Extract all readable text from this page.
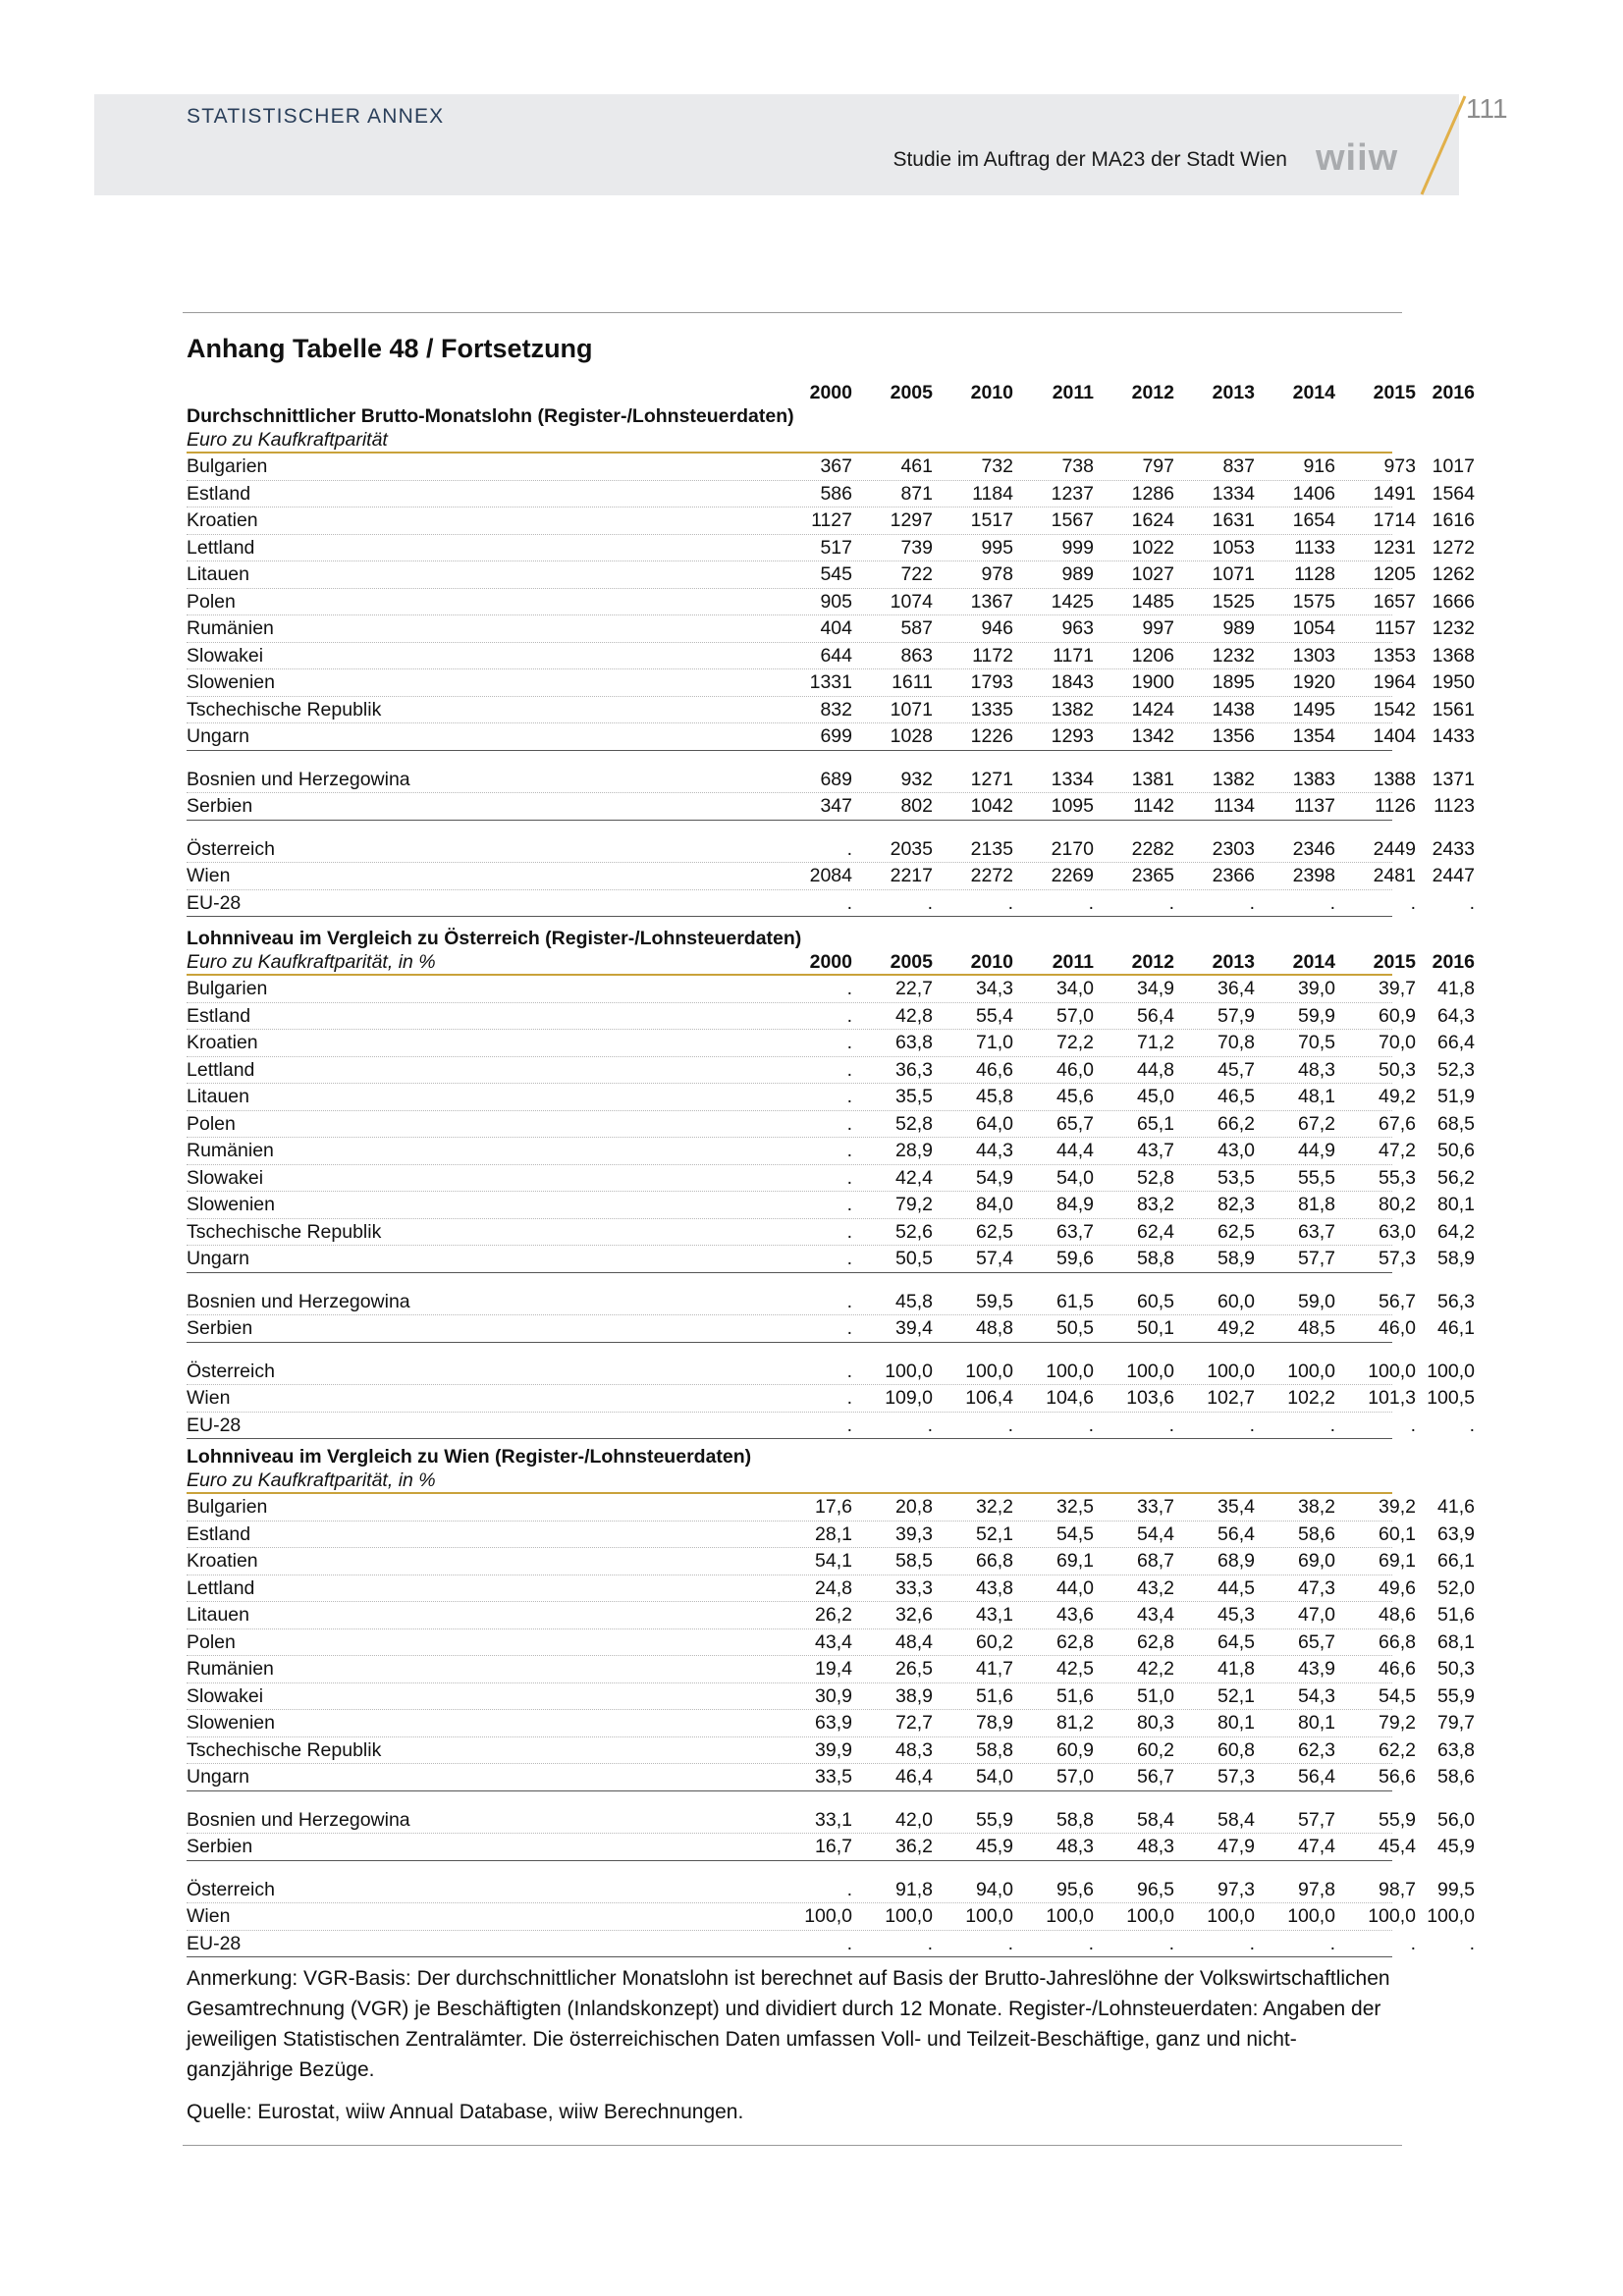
STATISTISCHER ANNEX
Studie im Auftrag der MA23 der Stadt Wien wiiw
111
Anhang Tabelle 48 / Fortsetzung
2000	2005	2010	2011	2012	2013	2014	2015 2016
Durchschnittlicher Brutto-Monatslohn (Register-/Lohnsteuerdaten)
Euro zu Kaufkraftparität
Bulgarien	367	461	732	738	797	837	916	973 1017
Estland	586	871	1184	1237	1286	1334	1406	1491 1564
Kroatien	1127	1297	1517	1567	1624	1631	1654	1714 1616
Lettland	517	739	995	999	1022	1053	1133	1231 1272
Litauen	545	722	978	989	1027	1071	1128	1205 1262
Polen	905	1074	1367	1425	1485	1525	1575	1657 1666
Rumänien	404	587	946	963	997	989	1054	1157 1232
Slowakei	644	863	1172	1171	1206	1232	1303	1353 1368
Slowenien	1331	1611	1793	1843	1900	1895	1920	1964 1950
Tschechische Republik	832	1071	1335	1382	1424	1438	1495	1542 1561
Ungarn	699	1028	1226	1293	1342	1356	1354	1404 1433
Bosnien und Herzegowina	689	932	1271	1334	1381	1382	1383	1388 1371
Serbien	347	802	1042	1095	1142	1134	1137	1126 1123
Österreich	.	2035	2135	2170	2282	2303	2346	2449 2433
Wien	2084	2217	2272	2269	2365	2366	2398	2481 2447
EU-28	.	.	.	.	.	.	.	.	.
Lohnniveau im Vergleich zu Österreich (Register-/Lohnsteuerdaten)
Euro zu Kaufkraftparität, in %	2000	2005	2010	2011	2012	2013	2014	2015 2016
Bulgarien	.	22,7	34,3	34,0	34,9	36,4	39,0	39,7	41,8
Estland	.	42,8	55,4	57,0	56,4	57,9	59,9	60,9	64,3
Kroatien	.	63,8	71,0	72,2	71,2	70,8	70,5	70,0	66,4
Lettland	.	36,3	46,6	46,0	44,8	45,7	48,3	50,3	52,3
Litauen	.	35,5	45,8	45,6	45,0	46,5	48,1	49,2	51,9
Polen	.	52,8	64,0	65,7	65,1	66,2	67,2	67,6	68,5
Rumänien	.	28,9	44,3	44,4	43,7	43,0	44,9	47,2	50,6
Slowakei	.	42,4	54,9	54,0	52,8	53,5	55,5	55,3	56,2
Slowenien	.	79,2	84,0	84,9	83,2	82,3	81,8	80,2	80,1
Tschechische Republik	.	52,6	62,5	63,7	62,4	62,5	63,7	63,0	64,2
Ungarn	.	50,5	57,4	59,6	58,8	58,9	57,7	57,3	58,9
Bosnien und Herzegowina	.	45,8	59,5	61,5	60,5	60,0	59,0	56,7	56,3
Serbien	.	39,4	48,8	50,5	50,1	49,2	48,5	46,0	46,1
Österreich	.	100,0	100,0	100,0	100,0	100,0	100,0	100,0 100,0
Wien	.	109,0	106,4	104,6	103,6	102,7	102,2	101,3 100,5
EU-28	.	.	.	.	.	.	.	.	.
Lohnniveau im Vergleich zu Wien (Register-/Lohnsteuerdaten)
Euro zu Kaufkraftparität, in %
Bulgarien	17,6	20,8	32,2	32,5	33,7	35,4	38,2	39,2	41,6
Estland	28,1	39,3	52,1	54,5	54,4	56,4	58,6	60,1	63,9
Kroatien	54,1	58,5	66,8	69,1	68,7	68,9	69,0	69,1	66,1
Lettland	24,8	33,3	43,8	44,0	43,2	44,5	47,3	49,6	52,0
Litauen	26,2	32,6	43,1	43,6	43,4	45,3	47,0	48,6	51,6
Polen	43,4	48,4	60,2	62,8	62,8	64,5	65,7	66,8	68,1
Rumänien	19,4	26,5	41,7	42,5	42,2	41,8	43,9	46,6	50,3
Slowakei	30,9	38,9	51,6	51,6	51,0	52,1	54,3	54,5	55,9
Slowenien	63,9	72,7	78,9	81,2	80,3	80,1	80,1	79,2	79,7
Tschechische Republik	39,9	48,3	58,8	60,9	60,2	60,8	62,3	62,2	63,8
Ungarn	33,5	46,4	54,0	57,0	56,7	57,3	56,4	56,6	58,6
Bosnien und Herzegowina	33,1	42,0	55,9	58,8	58,4	58,4	57,7	55,9	56,0
Serbien	16,7	36,2	45,9	48,3	48,3	47,9	47,4	45,4	45,9
Österreich	.	91,8	94,0	95,6	96,5	97,3	97,8	98,7	99,5
Wien	100,0	100,0	100,0	100,0	100,0	100,0	100,0	100,0 100,0
EU-28	.	.	.	.	.	.	.	.	.
Anmerkung: VGR-Basis: Der durchschnittlicher Monatslohn ist berechnet auf Basis der Brutto-Jahreslöhne der Volkswirtschaftlichen Gesamtrechnung (VGR) je Beschäftigten (Inlandskonzept) und dividiert durch 12 Monate. Register-/Lohnsteuerdaten: Angaben der jeweiligen Statistischen Zentralämter. Die österreichischen Daten umfassen Voll- und Teilzeit-Beschäftige, ganz und nicht-ganzjährige Bezüge.
Quelle: Eurostat, wiiw Annual Database, wiiw Berechnungen.
